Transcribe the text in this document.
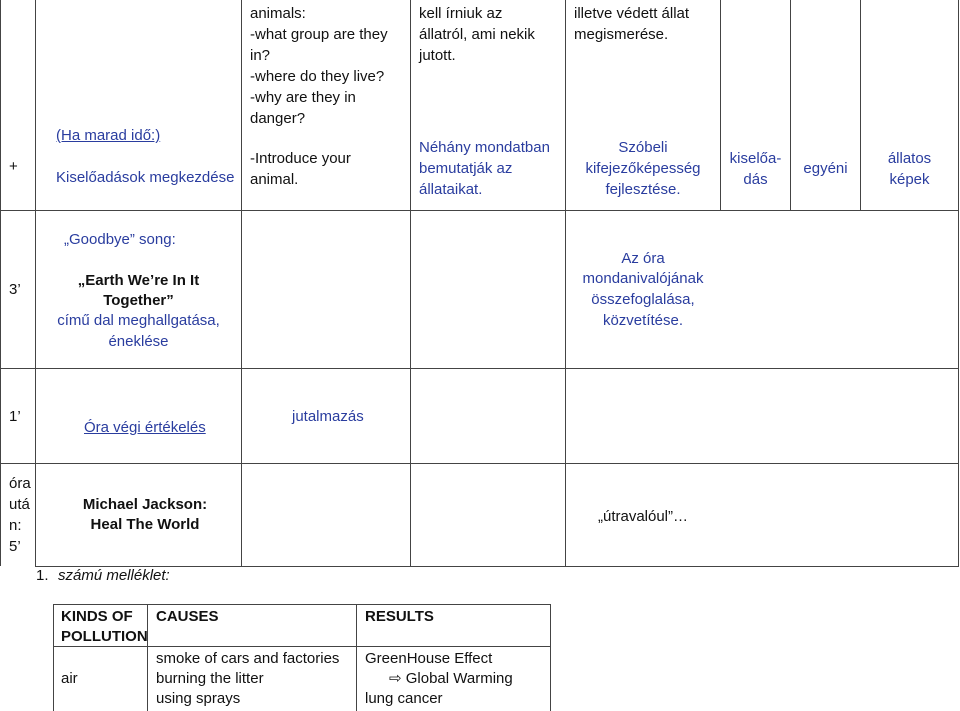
+
(Ha marad idő:)
Kiselőadások megkezdése
animals:
-what group are they
in?
-where do they live?
-why are they in
danger?
-Introduce your
animal.
kell írniuk az
állatról, ami nekik
jutott.
Néhány mondatban
bemutatják az
állataikat.
illetve védett állat
megismerése.
Szóbeli
kifejezőképesség
fejlesztése.
kiselőa-
dás
egyéni
állatos
képek
3’
„Goodbye” song:
„Earth We’re In It
Together”
című dal meghallgatása,
éneklése
Az óra
mondanivalójának
összefoglalása,
közvetítése.
1’
Óra végi értékelés
jutalmazás
óra
utá
n:
5’
Michael Jackson:
Heal The World	„útravalóul”…
1. számú melléklet:
KINDS OF
POLLUTION
CAUSES	RESULTS
air
smoke of cars and factories
burning the litter
using sprays
GreenHouse Effect
⇨ Global Warming
lung cancer
